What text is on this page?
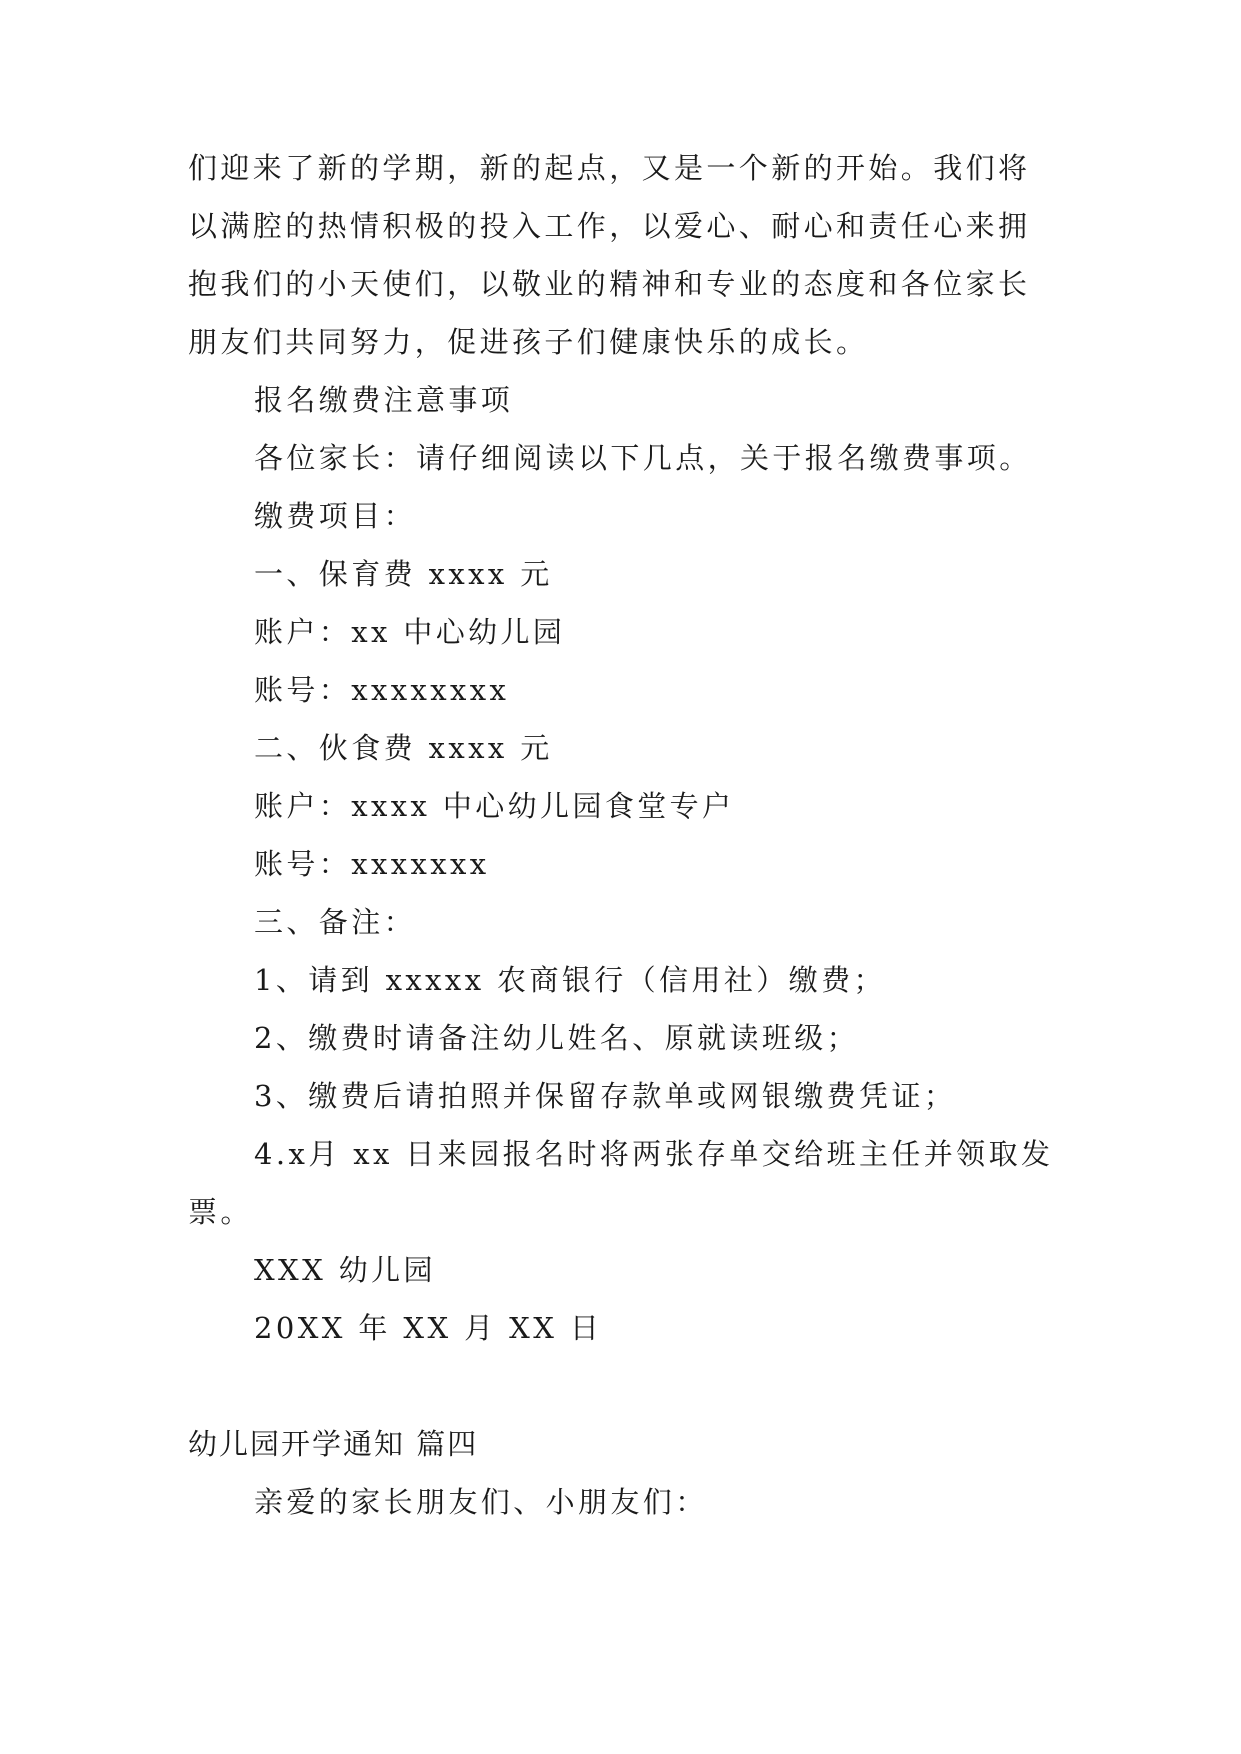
们迎来了新的学期，新的起点，又是一个新的开始。我们将
以满腔的热情积极的投入工作，以爱心、耐心和责任心来拥
抱我们的小天使们，以敬业的精神和专业的态度和各位家长
朋友们共同努力，促进孩子们健康快乐的成长。
报名缴费注意事项
各位家长：请仔细阅读以下几点，关于报名缴费事项。
缴费项目：
一、保育费 xxxx 元
账户：xx 中心幼儿园
账号：xxxxxxxx
二、伙食费 xxxx 元
账户：xxxx 中心幼儿园食堂专户
账号：xxxxxxx
三、备注：
1、请到 xxxxx 农商银行（信用社）缴费；
2、缴费时请备注幼儿姓名、原就读班级；
3、缴费后请拍照并保留存款单或网银缴费凭证；
4.x月 xx 日来园报名时将两张存单交给班主任并领取发票。
XXX 幼儿园
20XX 年 XX 月 XX 日
幼儿园开学通知 篇四
亲爱的家长朋友们、小朋友们：
